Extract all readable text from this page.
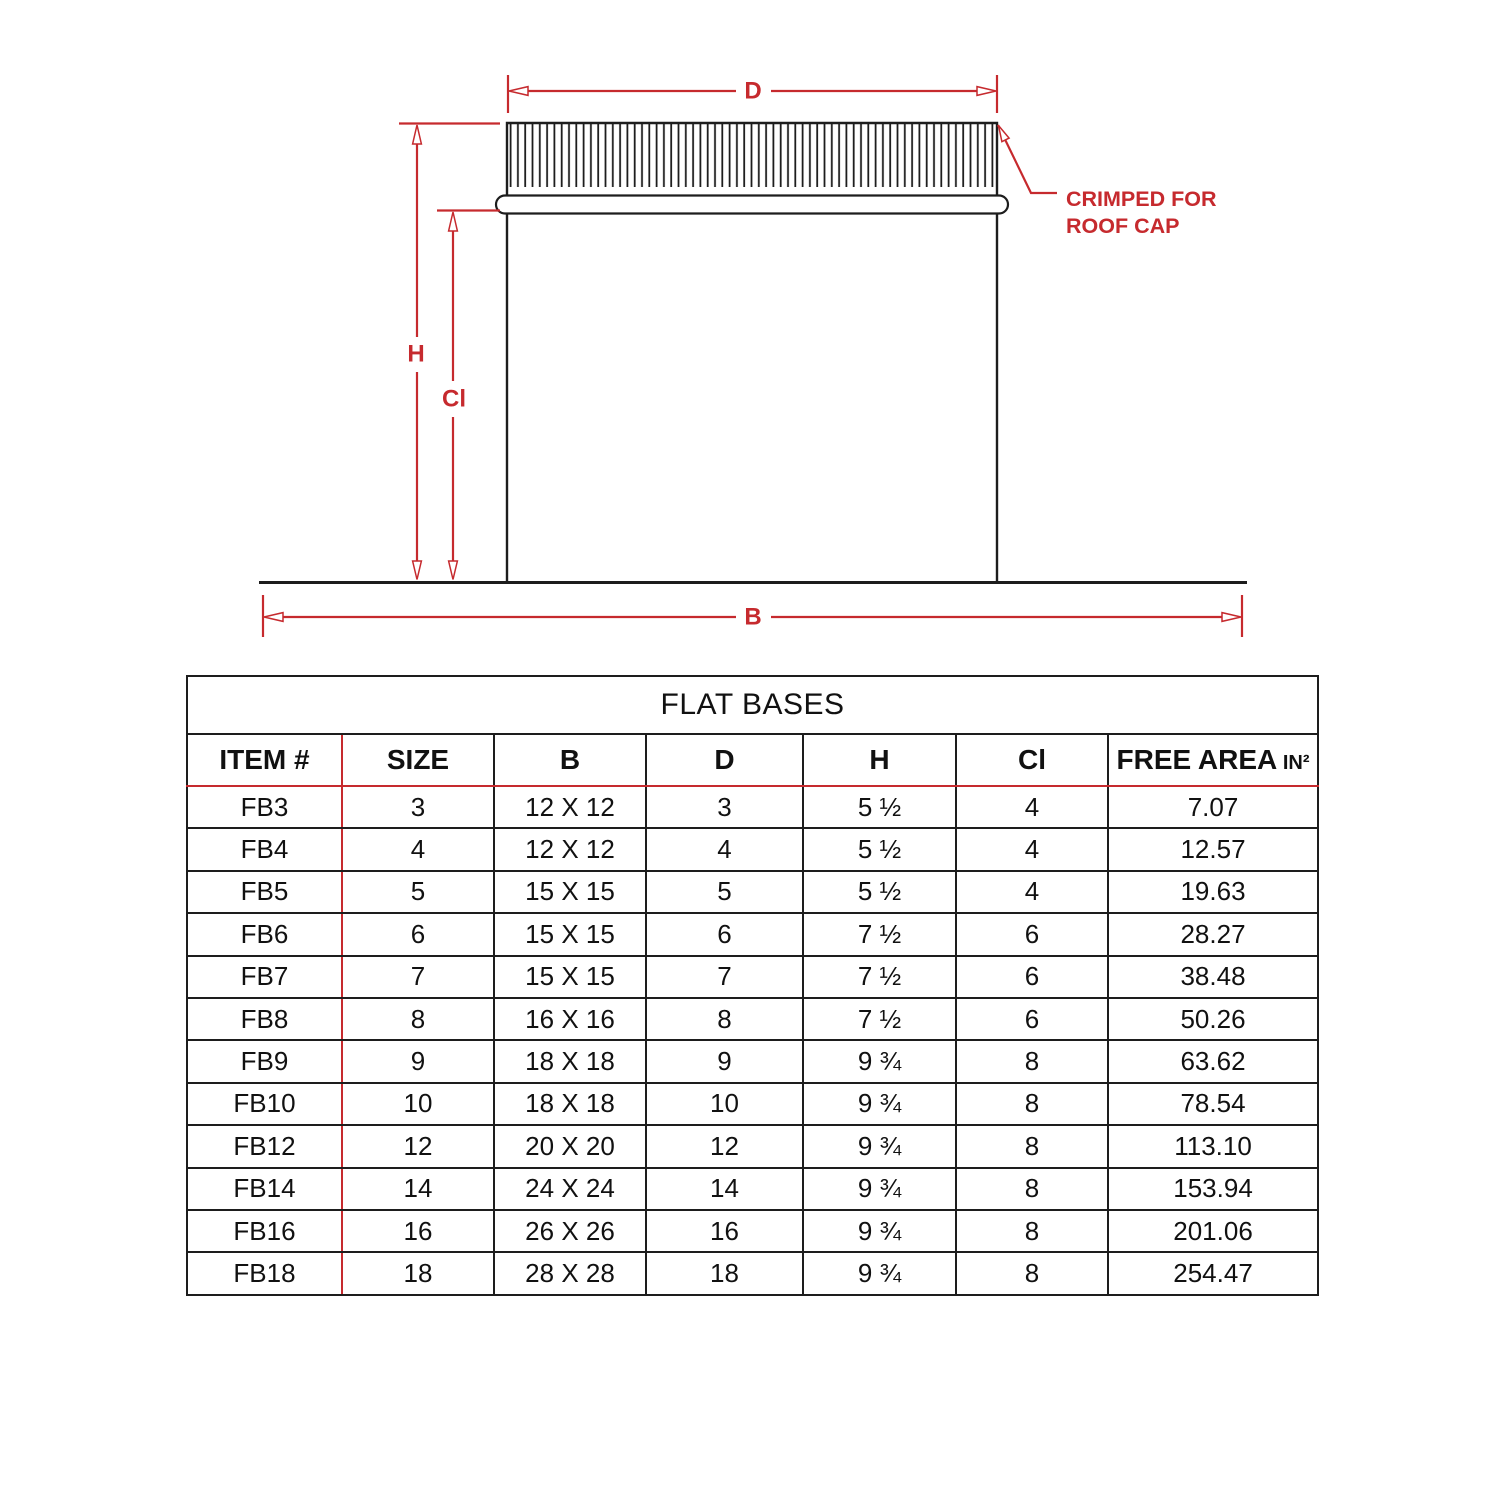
D
H
Cl
B
CRIMPED FOR
ROOF CAP
FLAT BASES						
ITEM #	SIZE	B	D	H	Cl	FREE AREA IN²
FB3	3	12 X 12	3	5 ½	4	7.07
FB4	4	12 X 12	4	5 ½	4	12.57
FB5	5	15 X 15	5	5 ½	4	19.63
FB6	6	15 X 15	6	7 ½	6	28.27
FB7	7	15 X 15	7	7 ½	6	38.48
FB8	8	16 X 16	8	7 ½	6	50.26
FB9	9	18 X 18	9	9 ¾	8	63.62
FB10	10	18 X 18	10	9 ¾	8	78.54
FB12	12	20 X 20	12	9 ¾	8	113.10
FB14	14	24 X 24	14	9 ¾	8	153.94
FB16	16	26 X 26	16	9 ¾	8	201.06
FB18	18	28 X 28	18	9 ¾	8	254.47
